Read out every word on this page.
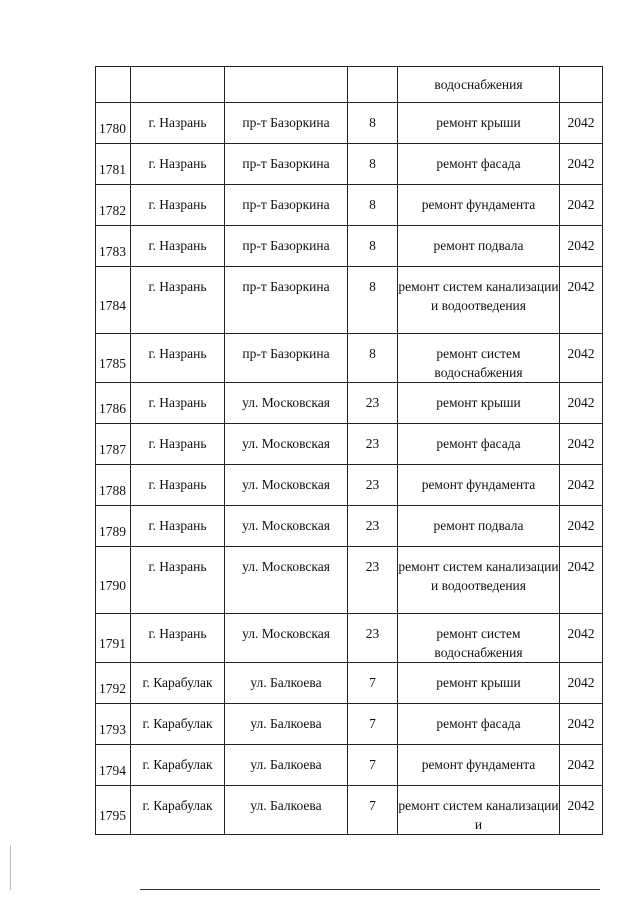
				водоснабжения	

1780	г. Назрань	пр-т Базоркина	8	ремонт крыши	2042

1781	г. Назрань	пр-т Базоркина	8	ремонт фасада	2042

1782	г. Назрань	пр-т Базоркина	8	ремонт фундамента	2042

1783	г. Назрань	пр-т Базоркина	8	ремонт подвала	2042

1784	г. Назрань	пр-т Базоркина	8	ремонт систем канализации и водоотведения	2042

1785	г. Назрань	пр-т Базоркина	8	ремонт систем водоснабжения	2042

1786	г. Назрань	ул. Московская	23	ремонт крыши	2042

1787	г. Назрань	ул. Московская	23	ремонт фасада	2042

1788	г. Назрань	ул. Московская	23	ремонт фундамента	2042

1789	г. Назрань	ул. Московская	23	ремонт подвала	2042

1790	г. Назрань	ул. Московская	23	ремонт систем канализации и водоотведения	2042

1791	г. Назрань	ул. Московская	23	ремонт систем водоснабжения	2042

1792	г. Карабулак	ул. Балкоева	7	ремонт крыши	2042

1793	г. Карабулак	ул. Балкоева	7	ремонт фасада	2042

1794	г. Карабулак	ул. Балкоева	7	ремонт фундамента	2042

1795	г. Карабулак	ул. Балкоева	7	ремонт систем канализации и	2042
